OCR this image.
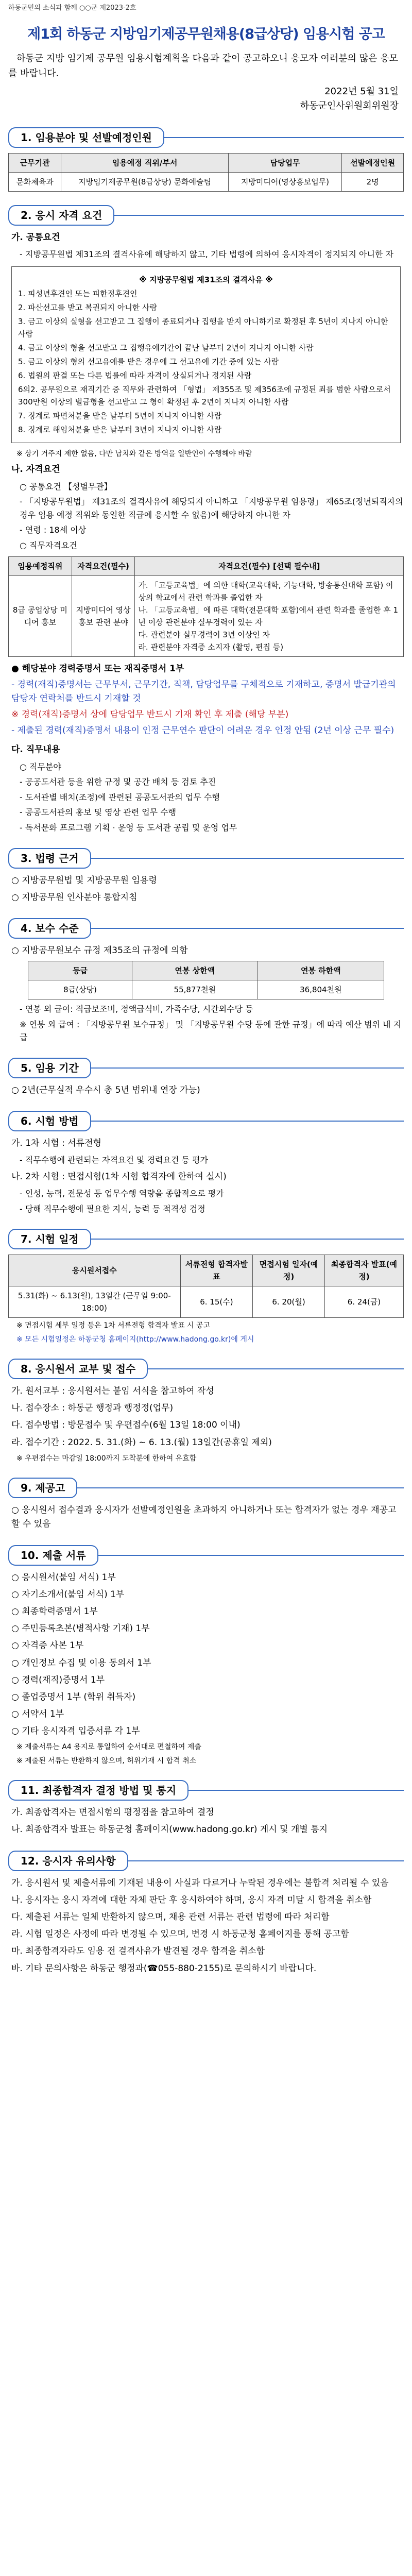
하동군민의 소식과 함께 ○○군 제2023-2호
제1회 하동군 지방임기제공무원채용(8급상당) 임용시험 공고

하동군 지방 임기제 공무원 임용시험계획을 다음과 같이 공고하오니 응모자 여러분의 많은 응모를 바랍니다.

2022년 5월 31일
하동군인사위원회위원장
1. 임용분야 및 선발예정인원
근무기관	임용예정 직위/부서	담당업무	선발예정인원
문화체육과	지방임기제공무원(8급상당) 문화예술팀	지방미디어(영상홍보업무)	2명
2. 응시 자격 요건
가. 공통요건
- 지방공무원법 제31조의 결격사유에 해당하지 않고, 기타 법령에 의하여 응시자격이 정지되지 아니한 자
※ 지방공무원법 제31조의 결격사유 ※
1. 피성년후견인 또는 피한정후견인
2. 파산선고를 받고 복권되지 아니한 사람
3. 금고 이상의 실형을 선고받고 그 집행이 종료되거나 집행을 받지 아니하기로 확정된 후 5년이 지나지 아니한 사람
4. 금고 이상의 형을 선고받고 그 집행유예기간이 끝난 날부터 2년이 지나지 아니한 사람
5. 금고 이상의 형의 선고유예를 받은 경우에 그 선고유예 기간 중에 있는 사람
6. 법원의 판결 또는 다른 법률에 따라 자격이 상실되거나 정지된 사람
6의2. 공무원으로 재직기간 중 직무와 관련하여 「형법」 제355조 및 제356조에 규정된 죄를 범한 사람으로서 300만원 이상의 벌금형을 선고받고 그 형이 확정된 후 2년이 지나지 아니한 사람
7. 징계로 파면처분을 받은 날부터 5년이 지나지 아니한 사람
8. 징계로 해임처분을 받은 날부터 3년이 지나지 아니한 사람
※ 상기 거주지 제한 없음, 다만 납치와 같은 방역을 일반인이 수행해야 바람
나. 자격요건
○ 공통요건 【성별무관】
- 「지방공무원법」 제31조의 결격사유에 해당되지 아니하고 「지방공무원 임용령」 제65조(정년퇴직자의 경우 임용 예정 직위와 동일한 직급에 응시할 수 없음)에 해당하지 아니한 자
- 연령 : 18세 이상
○ 직무자격요건
임용예정직위	자격요건(필수)	자격요건(필수) [선택 필수내]
8급 공업상당 미디어 홍보	지방미디어 영상홍보 관련 분야	가. 「고등교육법」에 의한 대학(교육대학, 기능대학, 방송통신대학 포함) 이상의 학교에서 관련 학과를 졸업한 자
나. 「고등교육법」에 따른 대학(전문대학 포함)에서 관련 학과를 졸업한 후 1년 이상 관련분야 실무경력이 있는 자
다. 관련분야 실무경력이 3년 이상인 자
라. 관련분야 자격증 소지자 (촬영, 편집 등)
● 해당분야 경력증명서 또는 재직증명서 1부
- 경력(재직)증명서는 근무부서, 근무기간, 직책, 담당업무를 구체적으로 기재하고, 증명서 발급기관의 담당자 연락처를 반드시 기재할 것
※ 경력(재직)증명서 상에 담당업무 반드시 기재 확인 후 제출 (해당 부분)
- 제출된 경력(재직)증명서 내용이 인정 근무연수 판단이 어려운 경우 인정 안됨 (2년 이상 근무 필수)
다. 직무내용
○ 직무분야
- 공공도서관 등을 위한 규정 및 공간 배치 등 검토 추진
- 도서관별 배치(조정)에 관련된 공공도서관의 업무 수행
- 공공도서관의 홍보 및 영상 관련 업무 수행
- 독서문화 프로그램 기획 · 운영 등 도서관 공립 및 운영 업무
3. 법령 근거
○ 지방공무원법 및 지방공무원 임용령
○ 지방공무원 인사분야 통합지침
4. 보수 수준
○ 지방공무원보수 규정 제35조의 규정에 의함
등급	연봉 상한액	연봉 하한액
8급(상당)	55,877천원	36,804천원
- 연봉 외 급여: 직급보조비, 정액급식비, 가족수당, 시간외수당 등
※ 연봉 외 급여 : 「지방공무원 보수규정」 및 「지방공무원 수당 등에 관한 규정」에 따라 예산 범위 내 지급
5. 임용 기간
○ 2년(근무실적 우수시 총 5년 범위내 연장 가능)
6. 시험 방법
가. 1차 시험 : 서류전형
- 직무수행에 관련되는 자격요건 및 경력요건 등 평가
나. 2차 시험 : 면접시험(1차 시험 합격자에 한하여 실시)
- 인성, 능력, 전문성 등 업무수행 역량을 종합적으로 평가
- 당해 직무수행에 필요한 지식, 능력 등 적격성 검정
7. 시험 일정
응시원서접수	서류전형 합격자발표	면접시험 일자(예정)	최종합격자 발표(예정)
5.31(화) ~ 6.13(월), 13일간 (근무일 9:00-18:00)	6. 15(수)	6. 20(월)	6. 24(금)
※ 면접시험 세부 일정 등은 1차 서류전형 합격자 발표 시 공고
※ 모든 시험일정은 하동군청 홈페이지(http://www.hadong.go.kr)에 게시
8. 응시원서 교부 및 접수
가. 원서교부 : 응시원서는 붙임 서식을 참고하여 작성
나. 접수장소 : 하동군 행정과 행정정(업무)
다. 접수방법 : 방문접수 및 우편접수(6월 13일 18:00 이내)
라. 접수기간 : 2022. 5. 31.(화) ~ 6. 13.(월) 13일간(공휴일 제외)
※ 우편접수는 마감일 18:00까지 도착분에 한하여 유효함
9. 제공고
○ 응시원서 접수결과 응시자가 선발예정인원을 초과하지 아니하거나 또는 합격자가 없는 경우 재공고 할 수 있음
10. 제출 서류
○ 응시원서(붙임 서식) 1부
○ 자기소개서(붙임 서식) 1부
○ 최종학력증명서 1부
○ 주민등록초본(병적사항 기재) 1부
○ 자격증 사본 1부
○ 개인정보 수집 및 이용 동의서 1부
○ 경력(재직)증명서 1부
○ 졸업증명서 1부 (학위 취득자)
○ 서약서 1부
○ 기타 응시자격 입증서류 각 1부
※ 제출서류는 A4 용지로 통일하여 순서대로 편철하여 제출
※ 제출된 서류는 반환하지 않으며, 허위기재 시 합격 취소
11. 최종합격자 결정 방법 및 통지
가. 최종합격자는 면접시험의 평정점을 참고하여 결정
나. 최종합격자 발표는 하동군청 홈페이지(www.hadong.go.kr) 게시 및 개별 통지
12. 응시자 유의사항
가. 응시원서 및 제출서류에 기재된 내용이 사실과 다르거나 누락된 경우에는 불합격 처리될 수 있음
나. 응시자는 응시 자격에 대한 자체 판단 후 응시하여야 하며, 응시 자격 미달 시 합격을 취소함
다. 제출된 서류는 일체 반환하지 않으며, 채용 관련 서류는 관련 법령에 따라 처리함
라. 시험 일정은 사정에 따라 변경될 수 있으며, 변경 시 하동군청 홈페이지를 통해 공고함
마. 최종합격자라도 임용 전 결격사유가 발견될 경우 합격을 취소함
바. 기타 문의사항은 하동군 행정과(☎055-880-2155)로 문의하시기 바랍니다.
